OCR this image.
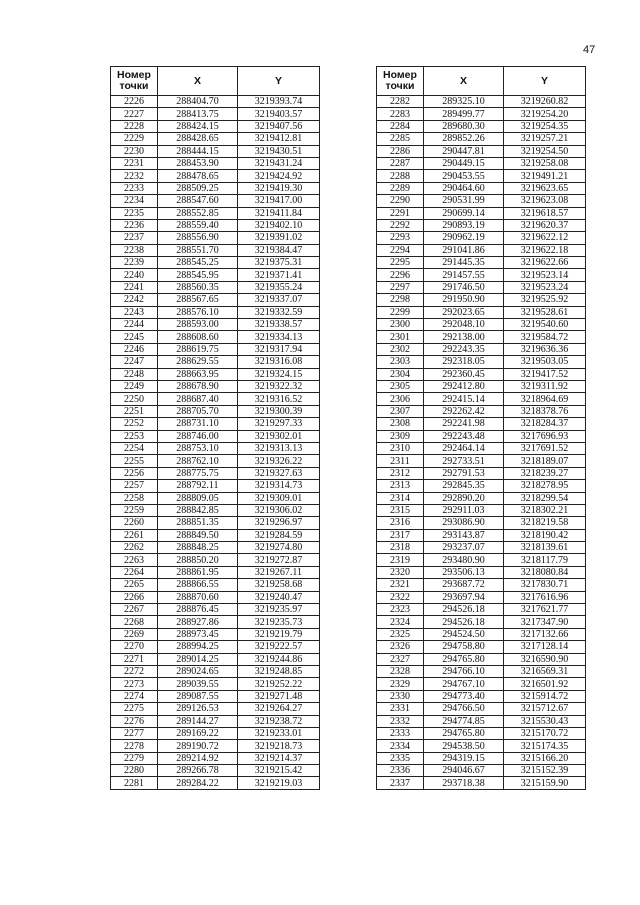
47
Номер точки	X	Y
2226	288404.70	3219393.74
2227	288413.75	3219403.57
2228	288424.15	3219407.56
2229	288428.65	3219412.81
2230	288444.15	3219430.51
2231	288453.90	3219431.24
2232	288478.65	3219424.92
2233	288509.25	3219419.30
2234	288547.60	3219417.00
2235	288552.85	3219411.84
2236	288559.40	3219402.10
2237	288556.90	3219391.02
2238	288551.70	3219384.47
2239	288545.25	3219375.31
2240	288545.95	3219371.41
2241	288560.35	3219355.24
2242	288567.65	3219337.07
2243	288576.10	3219332.59
2244	288593.00	3219338.57
2245	288608.60	3219334.13
2246	288619.75	3219317.94
2247	288629.55	3219316.08
2248	288663.95	3219324.15
2249	288678.90	3219322.32
2250	288687.40	3219316.52
2251	288705.70	3219300.39
2252	288731.10	3219297.33
2253	288746.00	3219302.01
2254	288753.10	3219313.13
2255	288762.10	3219326.22
2256	288775.75	3219327.63
2257	288792.11	3219314.73
2258	288809.05	3219309.01
2259	288842.85	3219306.02
2260	288851.35	3219296.97
2261	288849.50	3219284.59
2262	288848.25	3219274.80
2263	288850.20	3219272.87
2264	288861.95	3219267.11
2265	288866.55	3219258.68
2266	288870.60	3219240.47
2267	288876.45	3219235.97
2268	288927.86	3219235.73
2269	288973.45	3219219.79
2270	288994.25	3219222.57
2271	289014.25	3219244.86
2272	289024.65	3219248.85
2273	289039.55	3219252.22
2274	289087.55	3219271.48
2275	289126.53	3219264.27
2276	289144.27	3219238.72
2277	289169.22	3219233.01
2278	289190.72	3219218.73
2279	289214.92	3219214.37
2280	289266.78	3219215.42
2281	289284.22	3219219.03
Номер точки	X	Y
2282	289325.10	3219260.82
2283	289499.77	3219254.20
2284	289680.30	3219254.35
2285	289852.26	3219257.21
2286	290447.81	3219254.50
2287	290449.15	3219258.08
2288	290453.55	3219491.21
2289	290464.60	3219623.65
2290	290531.99	3219623.08
2291	290699.14	3219618.57
2292	290893.19	3219620.37
2293	290962.19	3219622.12
2294	291041.86	3219622.18
2295	291445.35	3219622.66
2296	291457.55	3219523.14
2297	291746.50	3219523.24
2298	291950.90	3219525.92
2299	292023.65	3219528.61
2300	292048.10	3219540.60
2301	292138.00	3219584.72
2302	292243.35	3219636.36
2303	292318.05	3219503.05
2304	292360.45	3219417.52
2305	292412.80	3219311.92
2306	292415.14	3218964.69
2307	292262.42	3218378.76
2308	292241.98	3218284.37
2309	292243.48	3217696.93
2310	292464.14	3217691.52
2311	292733.51	3218189.07
2312	292791.53	3218239.27
2313	292845.35	3218278.95
2314	292890.20	3218299.54
2315	292911.03	3218302.21
2316	293086.90	3218219.58
2317	293143.87	3218190.42
2318	293237.07	3218139.61
2319	293480.90	3218117.79
2320	293506.13	3218080.84
2321	293687.72	3217830.71
2322	293697.94	3217616.96
2323	294526.18	3217621.77
2324	294526.18	3217347.90
2325	294524.50	3217132.66
2326	294758.80	3217128.14
2327	294765.80	3216590.90
2328	294766.10	3216569.31
2329	294767.10	3216501.92
2330	294773.40	3215914.72
2331	294766.50	3215712.67
2332	294774.85	3215530.43
2333	294765.80	3215170.72
2334	294538.50	3215174.35
2335	294319.15	3215166.20
2336	294046.67	3215152.39
2337	293718.38	3215159.90
